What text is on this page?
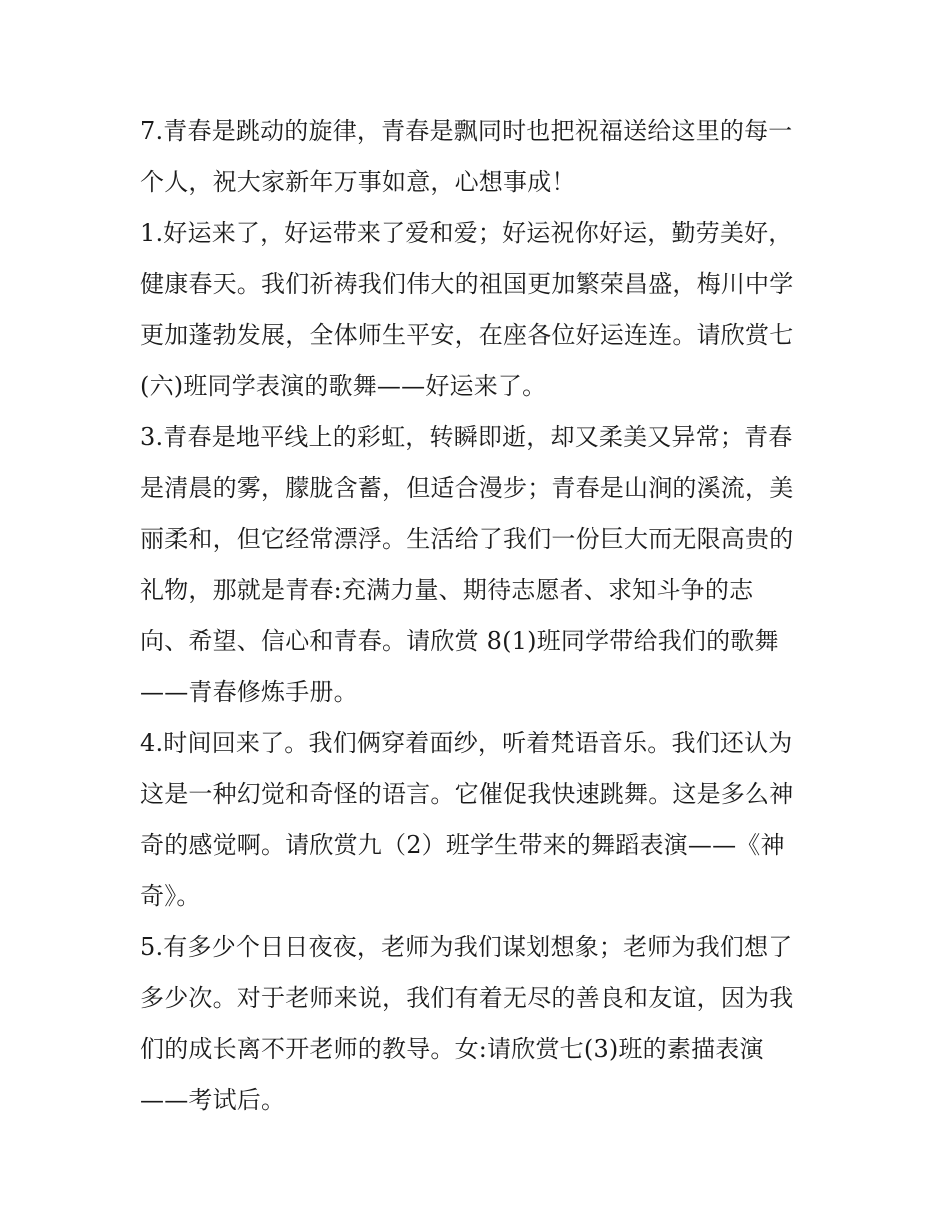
7.青春是跳动的旋律，青春是飘同时也把祝福送给这里的每一
个人，祝大家新年万事如意，心想事成！
1.好运来了，好运带来了爱和爱；好运祝你好运，勤劳美好，
健康春天。我们祈祷我们伟大的祖国更加繁荣昌盛，梅川中学
更加蓬勃发展，全体师生平安，在座各位好运连连。请欣赏七
(六)班同学表演的歌舞——好运来了。
3.青春是地平线上的彩虹，转瞬即逝，却又柔美又异常；青春
是清晨的雾，朦胧含蓄，但适合漫步；青春是山涧的溪流，美
丽柔和，但它经常漂浮。生活给了我们一份巨大而无限高贵的
礼物，那就是青春:充满力量、期待志愿者、求知斗争的志
向、希望、信心和青春。请欣赏 8(1)班同学带给我们的歌舞
——青春修炼手册。
4.时间回来了。我们俩穿着面纱，听着梵语音乐。我们还认为
这是一种幻觉和奇怪的语言。它催促我快速跳舞。这是多么神
奇的感觉啊。请欣赏九（2）班学生带来的舞蹈表演——《神
奇》。
5.有多少个日日夜夜，老师为我们谋划想象；老师为我们想了
多少次。对于老师来说，我们有着无尽的善良和友谊，因为我
们的成长离不开老师的教导。女:请欣赏七(3)班的素描表演
——考试后。
